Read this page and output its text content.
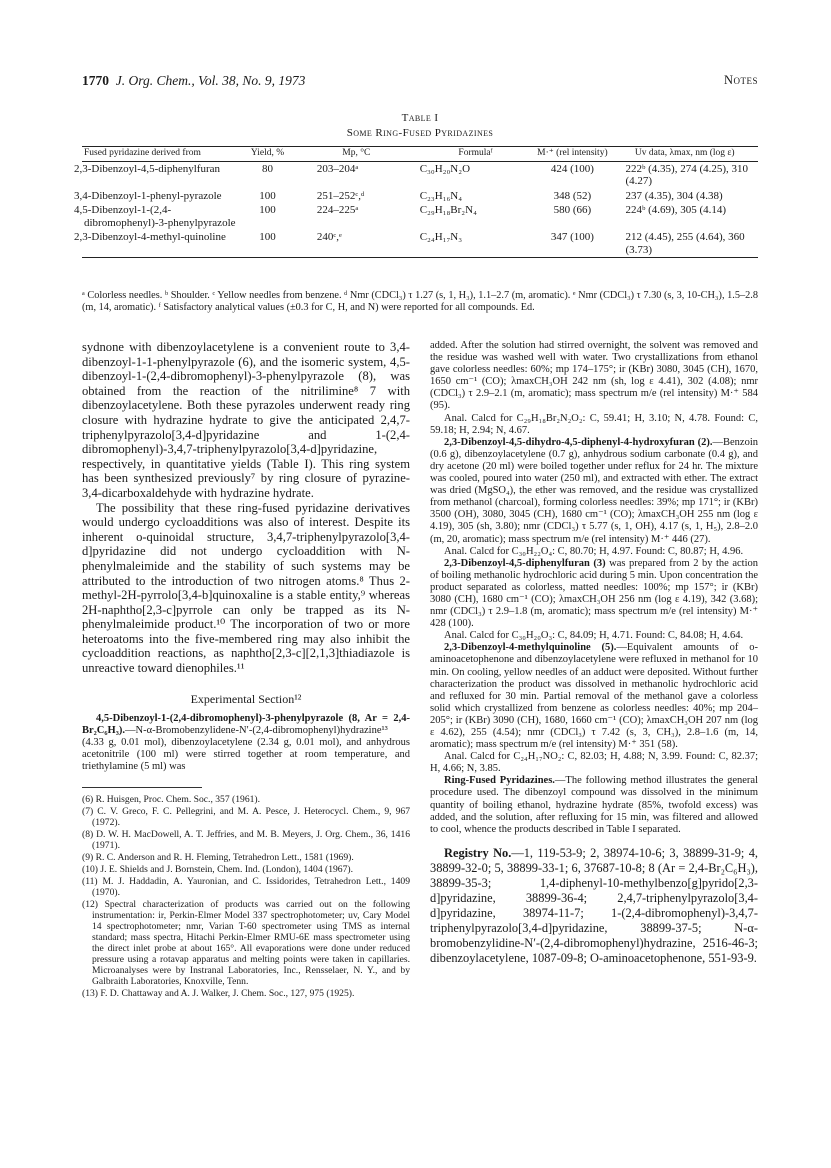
1770 J. Org. Chem., Vol. 38, No. 9, 1973	Notes
Table I
Some Ring-Fused Pyridazines
Fused pyridazine derived from	Yield, %	Mp, °C	Formulaᶠ	M·⁺ (rel intensity)	Uv data, λmax, nm (log ε)
2,3-Dibenzoyl-4,5-diphenylfuran	80	203–204ᵃ	C₃₀H₂₀N₂O	424 (100)	222ᵇ (4.35), 274 (4.25), 310 (4.27)
3,4-Dibenzoyl-1-phenyl-pyrazole	100	251–252ᶜ,ᵈ	C₂₃H₁₆N₄	348 (52)	237 (4.35), 304 (4.38)
4,5-Dibenzoyl-1-(2,4-dibromophenyl)-3-phenylpyrazole	100	224–225ᵃ	C₂₉H₁₈Br₂N₄	580 (66)	224ᵇ (4.69), 305 (4.14)
2,3-Dibenzoyl-4-methyl-quinoline	100	240ᶜ,ᵉ	C₂₄H₁₇N₃	347 (100)	212 (4.45), 255 (4.64), 360 (3.73)
ᵃ Colorless needles. ᵇ Shoulder. ᶜ Yellow needles from benzene. ᵈ Nmr (CDCl₃) τ 1.27 (s, 1, H₃), 1.1–2.7 (m, aromatic). ᵉ Nmr (CDCl₃) τ 7.30 (s, 3, 10-CH₃), 1.5–2.8 (m, 14, aromatic). ᶠ Satisfactory analytical values (±0.3 for C, H, and N) were reported for all compounds. Ed.

sydnone with dibenzoylacetylene is a convenient route to 3,4-dibenzoyl-1-1-phenylpyrazole (6), and the isomeric system, 4,5-dibenzoyl-1-(2,4-dibromophenyl)-3-phenylpyrazole (8), was obtained from the reaction of the nitrilimine⁸ 7 with dibenzoylacetylene. Both these pyrazoles underwent ready ring closure with hydrazine hydrate to give the anticipated 2,4,7-triphenylpyrazolo[3,4-d]pyridazine and 1-(2,4-dibromophenyl)-3,4,7-triphenylpyrazolo[3,4-d]pyridazine, respectively, in quantitative yields (Table I). This ring system has been synthesized previously⁷ by ring closure of pyrazine-3,4-dicarboxaldehyde with hydrazine hydrate.

The possibility that these ring-fused pyridazine derivatives would undergo cycloadditions was also of interest. Despite its inherent o-quinoidal structure, 3,4,7-triphenylpyrazolo[3,4-d]pyridazine did not undergo cycloaddition with N-phenylmaleimide and the stability of such systems may be attributed to the introduction of two nitrogen atoms.⁸ Thus 2-methyl-2H-pyrrolo[3,4-b]quinoxaline is a stable entity,⁹ whereas 2H-naphtho[2,3-c]pyrrole can only be trapped as its N-phenylmaleimide product.¹⁰ The incorporation of two or more heteroatoms into the five-membered ring may also inhibit the cycloaddition reactions, as naphtho[2,3-c][2,1,3]thiadiazole is unreactive toward dienophiles.¹¹

Experimental Section¹²

4,5-Dibenzoyl-1-(2,4-dibromophenyl)-3-phenylpyrazole (8, Ar = 2,4-Br₂C₆H₃).—N-α-Bromobenzylidene-N′-(2,4-dibromophenyl)hydrazine¹³ (4.33 g, 0.01 mol), dibenzoylacetylene (2.34 g, 0.01 mol), and anhydrous acetonitrile (100 ml) were stirred together at room temperature, and triethylamine (5 ml) was

(6) R. Huisgen, Proc. Chem. Soc., 357 (1961).

(7) C. V. Greco, F. C. Pellegrini, and M. A. Pesce, J. Heterocycl. Chem., 9, 967 (1972).

(8) D. W. H. MacDowell, A. T. Jeffries, and M. B. Meyers, J. Org. Chem., 36, 1416 (1971).

(9) R. C. Anderson and R. H. Fleming, Tetrahedron Lett., 1581 (1969).

(10) J. E. Shields and J. Bornstein, Chem. Ind. (London), 1404 (1967).

(11) M. J. Haddadin, A. Yauronian, and C. Issidorides, Tetrahedron Lett., 1409 (1970).

(12) Spectral characterization of products was carried out on the following instrumentation: ir, Perkin-Elmer Model 337 spectrophotometer; uv, Cary Model 14 spectrophotometer; nmr, Varian T-60 spectrometer using TMS as internal standard; mass spectra, Hitachi Perkin-Elmer RMU-6E mass spectrometer using the direct inlet probe at about 165°. All evaporations were done under reduced pressure using a rotavap apparatus and melting points were taken in capillaries. Microanalyses were by Instranal Laboratories, Inc., Rensselaer, N. Y., and by Galbraith Laboratories, Knoxville, Tenn.

(13) F. D. Chattaway and A. J. Walker, J. Chem. Soc., 127, 975 (1925).

added. After the solution had stirred overnight, the solvent was removed and the residue was washed well with water. Two crystallizations from ethanol gave colorless needles: 60%; mp 174–175°; ir (KBr) 3080, 3045 (CH), 1670, 1650 cm⁻¹ (CO); λmaxCH₃OH 242 nm (sh, log ε 4.41), 302 (4.08); nmr (CDCl₃) τ 2.9–2.1 (m, aromatic); mass spectrum m/e (rel intensity) M·⁺ 584 (95).

Anal. Calcd for C₂₉H₁₈Br₂N₂O₂: C, 59.41; H, 3.10; N, 4.78. Found: C, 59.18; H, 2.94; N, 4.67.

2,3-Dibenzoyl-4,5-dihydro-4,5-diphenyl-4-hydroxyfuran (2).—Benzoin (0.6 g), dibenzoylacetylene (0.7 g), anhydrous sodium carbonate (0.4 g), and dry acetone (20 ml) were boiled together under reflux for 24 hr. The mixture was cooled, poured into water (250 ml), and extracted with ether. The extract was dried (MgSO₄), the ether was removed, and the residue was crystallized from methanol (charcoal), forming colorless needles: 39%; mp 171°; ir (KBr) 3500 (OH), 3080, 3045 (CH), 1680 cm⁻¹ (CO); λmaxCH₃OH 255 nm (log ε 4.19), 305 (sh, 3.80); nmr (CDCl₃) τ 5.77 (s, 1, OH), 4.17 (s, 1, H₅), 2.8–2.0 (m, 20, aromatic); mass spectrum m/e (rel intensity) M·⁺ 446 (27).

Anal. Calcd for C₃₀H₂₂O₄: C, 80.70; H, 4.97. Found: C, 80.87; H, 4.96.

2,3-Dibenzoyl-4,5-diphenylfuran (3) was prepared from 2 by the action of boiling methanolic hydrochloric acid during 5 min. Upon concentration the product separated as colorless, matted needles: 100%; mp 157°; ir (KBr) 3080 (CH), 1680 cm⁻¹ (CO); λmaxCH₃OH 256 nm (log ε 4.19), 342 (3.68); nmr (CDCl₃) τ 2.9–1.8 (m, aromatic); mass spectrum m/e (rel intensity) M·⁺ 428 (100).

Anal. Calcd for C₃₀H₂₀O₃: C, 84.09; H, 4.71. Found: C, 84.08; H, 4.64.

2,3-Dibenzoyl-4-methylquinoline (5).—Equivalent amounts of o-aminoacetophenone and dibenzoylacetylene were refluxed in methanol for 10 min. On cooling, yellow needles of an adduct were deposited. Without further characterization the product was dissolved in methanolic hydrochloric acid and refluxed for 30 min. Partial removal of the methanol gave a colorless solid which crystallized from benzene as colorless needles: 40%; mp 204–205°; ir (KBr) 3090 (CH), 1680, 1660 cm⁻¹ (CO); λmaxCH₃OH 207 nm (log ε 4.62), 255 (4.54); nmr (CDCl₃) τ 7.42 (s, 3, CH₃), 2.8–1.6 (m, 14, aromatic); mass spectrum m/e (rel intensity) M·⁺ 351 (58).

Anal. Calcd for C₂₄H₁₇NO₂: C, 82.03; H, 4.88; N, 3.99. Found: C, 82.37; H, 4.66; N, 3.85.

Ring-Fused Pyridazines.—The following method illustrates the general procedure used. The dibenzoyl compound was dissolved in the minimum quantity of boiling ethanol, hydrazine hydrate (85%, twofold excess) was added, and the solution, after refluxing for 15 min, was filtered and allowed to cool, whence the products described in Table I separated.

Registry No.—1, 119-53-9; 2, 38974-10-6; 3, 38899-31-9; 4, 38899-32-0; 5, 38899-33-1; 6, 37687-10-8; 8 (Ar = 2,4-Br₂C₆H₃), 38899-35-3; 1,4-diphenyl-10-methylbenzo[g]pyrido[2,3-d]pyridazine, 38899-36-4; 2,4,7-triphenylpyrazolo[3,4-d]pyridazine, 38974-11-7; 1-(2,4-dibromophenyl)-3,4,7-triphenylpyrazolo[3,4-d]pyridazine, 38899-37-5; N-α-bromobenzylidine-N′-(2,4-dibromophenyl)hydrazine, 2516-46-3; dibenzoylacetylene, 1087-09-8; O-aminoacetophenone, 551-93-9.
